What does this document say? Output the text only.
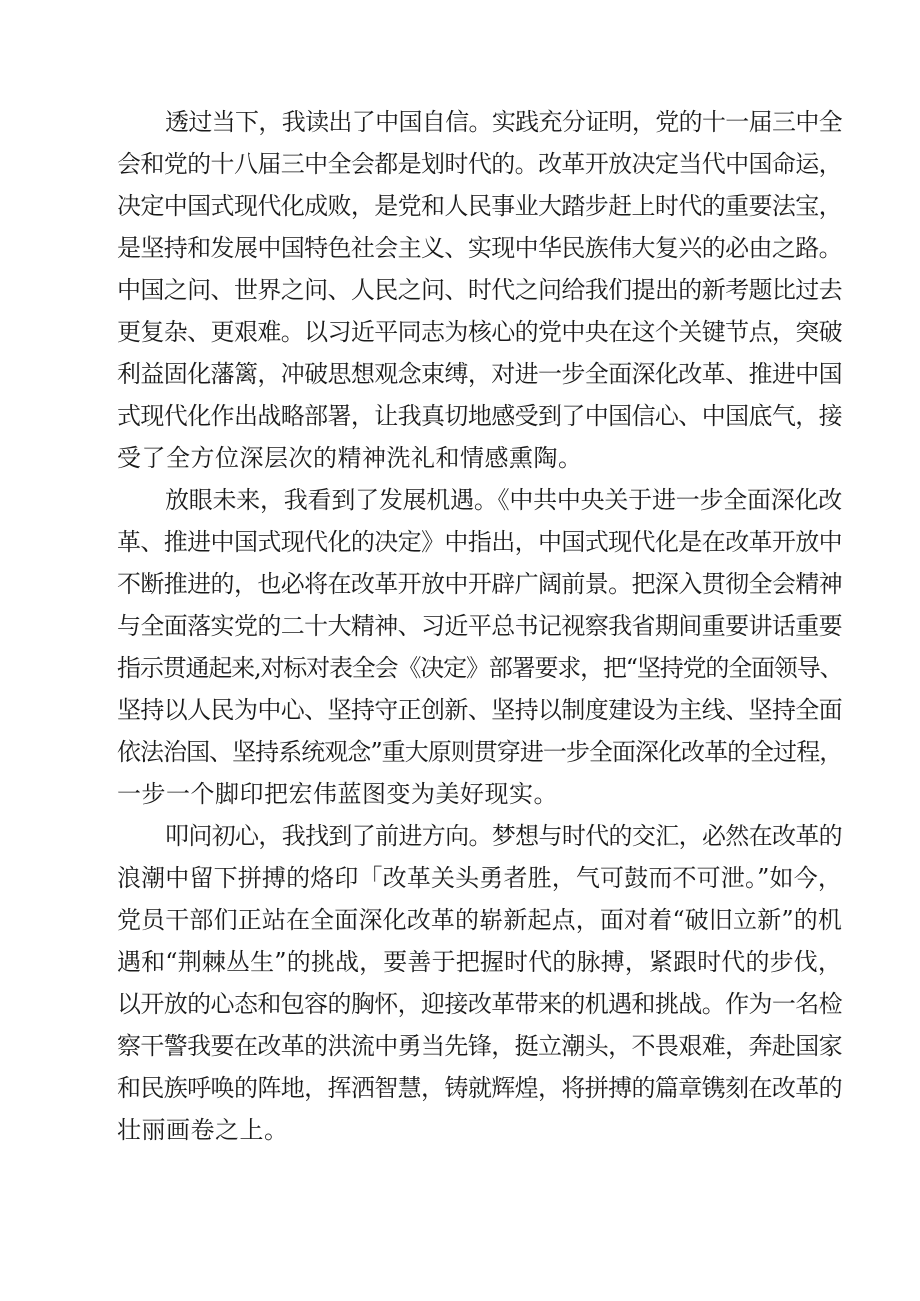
透过当下，我读出了中国自信。实践充分证明，党的十一届三中全
会和党的十八届三中全会都是划时代的。改革开放决定当代中国命运，
决定中国式现代化成败，是党和人民事业大踏步赶上时代的重要法宝，
是坚持和发展中国特色社会主义、实现中华民族伟大复兴的必由之路。
中国之问、世界之问、人民之问、时代之问给我们提出的新考题比过去
更复杂、更艰难。以习近平同志为核心的党中央在这个关键节点，突破
利益固化藩篱，冲破思想观念束缚，对进一步全面深化改革、推进中国
式现代化作出战略部署，让我真切地感受到了中国信心、中国底气，接
受了全方位深层次的精神洗礼和情感熏陶。
放眼未来，我看到了发展机遇。《中共中央关于进一步全面深化改
革、推进中国式现代化的决定》中指出，中国式现代化是在改革开放中
不断推进的，也必将在改革开放中开辟广阔前景。把深入贯彻全会精神
与全面落实党的二十大精神、习近平总书记视察我省期间重要讲话重要
指示贯通起来,对标对表全会《决定》部署要求，把“坚持党的全面领导、
坚持以人民为中心、坚持守正创新、坚持以制度建设为主线、坚持全面
依法治国、坚持系统观念”重大原则贯穿进一步全面深化改革的全过程，
一步一个脚印把宏伟蓝图变为美好现实。
叩问初心，我找到了前进方向。梦想与时代的交汇，必然在改革的
浪潮中留下拼搏的烙印「改革关头勇者胜，气可鼓而不可泄。”如今，
党员干部们正站在全面深化改革的崭新起点，面对着“破旧立新”的机
遇和“荆棘丛生”的挑战，要善于把握时代的脉搏，紧跟时代的步伐，
以开放的心态和包容的胸怀，迎接改革带来的机遇和挑战。作为一名检
察干警我要在改革的洪流中勇当先锋，挺立潮头，不畏艰难，奔赴国家
和民族呼唤的阵地，挥洒智慧，铸就辉煌，将拼搏的篇章镌刻在改革的
壮丽画卷之上。
